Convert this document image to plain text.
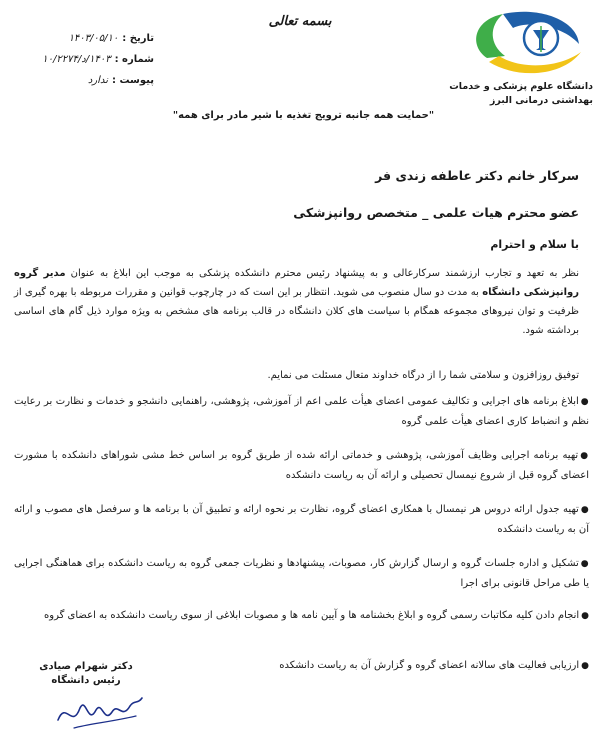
دانشگاه علوم پزشکی و خدمات
بهداشتی درمانی البرز
بسمه تعالی
تاریخ :
۱۴۰۳/۰۵/۱۰
شماره :
۱۴۰۳/د/۱۰/۲۲۷۴
پیوست :
ندارد
"حمایت همه جانبه ترویج تغذیه با شیر مادر برای همه"
سرکار خانم دکتر عاطفه زندی فر
عضو محترم هیات علمی _ متخصص روانپزشکی
با سلام و احترام
نظر به تعهد و تجارب ارزشمند سرکارعالی و به پیشنهاد رئیس محترم دانشکده پزشکی به موجب این ابلاغ به عنوان مدیر گروه روانپزشکی دانشگاه به مدت دو سال منصوب می شوید. انتظار بر این است که در چارچوب قوانین و مقررات مربوطه با بهره گیری از ظرفیت و توان نیروهای مجموعه همگام با سیاست های کلان دانشگاه در قالب برنامه های مشخص به ویژه موارد ذیل گام های اساسی برداشته شود.
توفیق روزافزون و سلامتی شما را از درگاه خداوند متعال مسئلت می نمایم.
●ابلاغ برنامه های اجرایی و تکالیف عمومی اعضای هیأت علمی اعم از آموزشی، پژوهشی، راهنمایی دانشجو و خدمات و نظارت بر رعایت نظم و انضباط کاری اعضای هیأت علمی گروه
●تهیه برنامه اجرایی وظایف آموزشی، پژوهشی و خدماتی ارائه شده از طریق گروه بر اساس خط مشی شوراهای دانشکده با مشورت اعضای گروه قبل از شروع نیمسال تحصیلی و ارائه آن به ریاست دانشکده
●تهیه جدول ارائه دروس هر نیمسال با همکاری اعضای گروه، نظارت بر نحوه ارائه و تطبیق آن با برنامه ها و سرفصل های مصوب و ارائه آن به ریاست دانشکده
●تشکیل و اداره جلسات گروه و ارسال گزارش کار، مصوبات، پیشنهادها و نظریات جمعی گروه به ریاست دانشکده برای هماهنگی اجرایی یا طی مراحل قانونی برای اجرا
●انجام دادن کلیه مکاتبات رسمی گروه و ابلاغ بخشنامه ها و آیین نامه ها و مصوبات ابلاغی از سوی ریاست دانشکده به اعضای گروه
●ارزیابی فعالیت های سالانه اعضای گروه و گزارش آن به ریاست دانشکده
دکتر شهرام صیادی
رئیس دانشگاه
